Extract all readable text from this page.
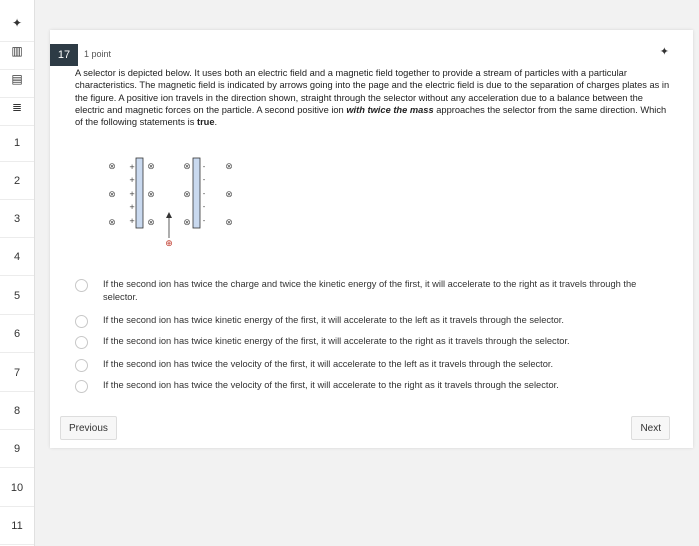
✦
▥
▤
≣
1
2
3
4
5
6
7
8
9
10
11
17	1 point	✦
A selector is depicted below. It uses both an electric field and a magnetic field together to provide a stream of particles with a particular characteristics. The magnetic field is indicated by arrows going into the page and the electric field is due to the separation of charges plates as in the figure. A positive ion travels in the direction shown, straight through the selector without any acceleration due to a balance between the electric and magnetic forces on the particle. A second positive ion with twice the mass approaches the selector from the same direction. Which of the following statements is true.
⊗	⊗	⊗	⊗
⊗	⊗	⊗	⊗
⊗	⊗	⊗	⊗
+
+
+
+
+
-
-
-
-
-
⊕
If the second ion has twice the charge and twice the kinetic energy of the first, it will accelerate to the right as it travels through the selector.
If the second ion has twice kinetic energy of the first, it will accelerate to the left as it travels through the selector.
If the second ion has twice kinetic energy of the first, it will accelerate to the right as it travels through the selector.
If the second ion has twice the velocity of the first, it will accelerate to the left as it travels through the selector.
If the second ion has twice the velocity of the first, it will accelerate to the right as it travels through the selector.
Previous	Next
